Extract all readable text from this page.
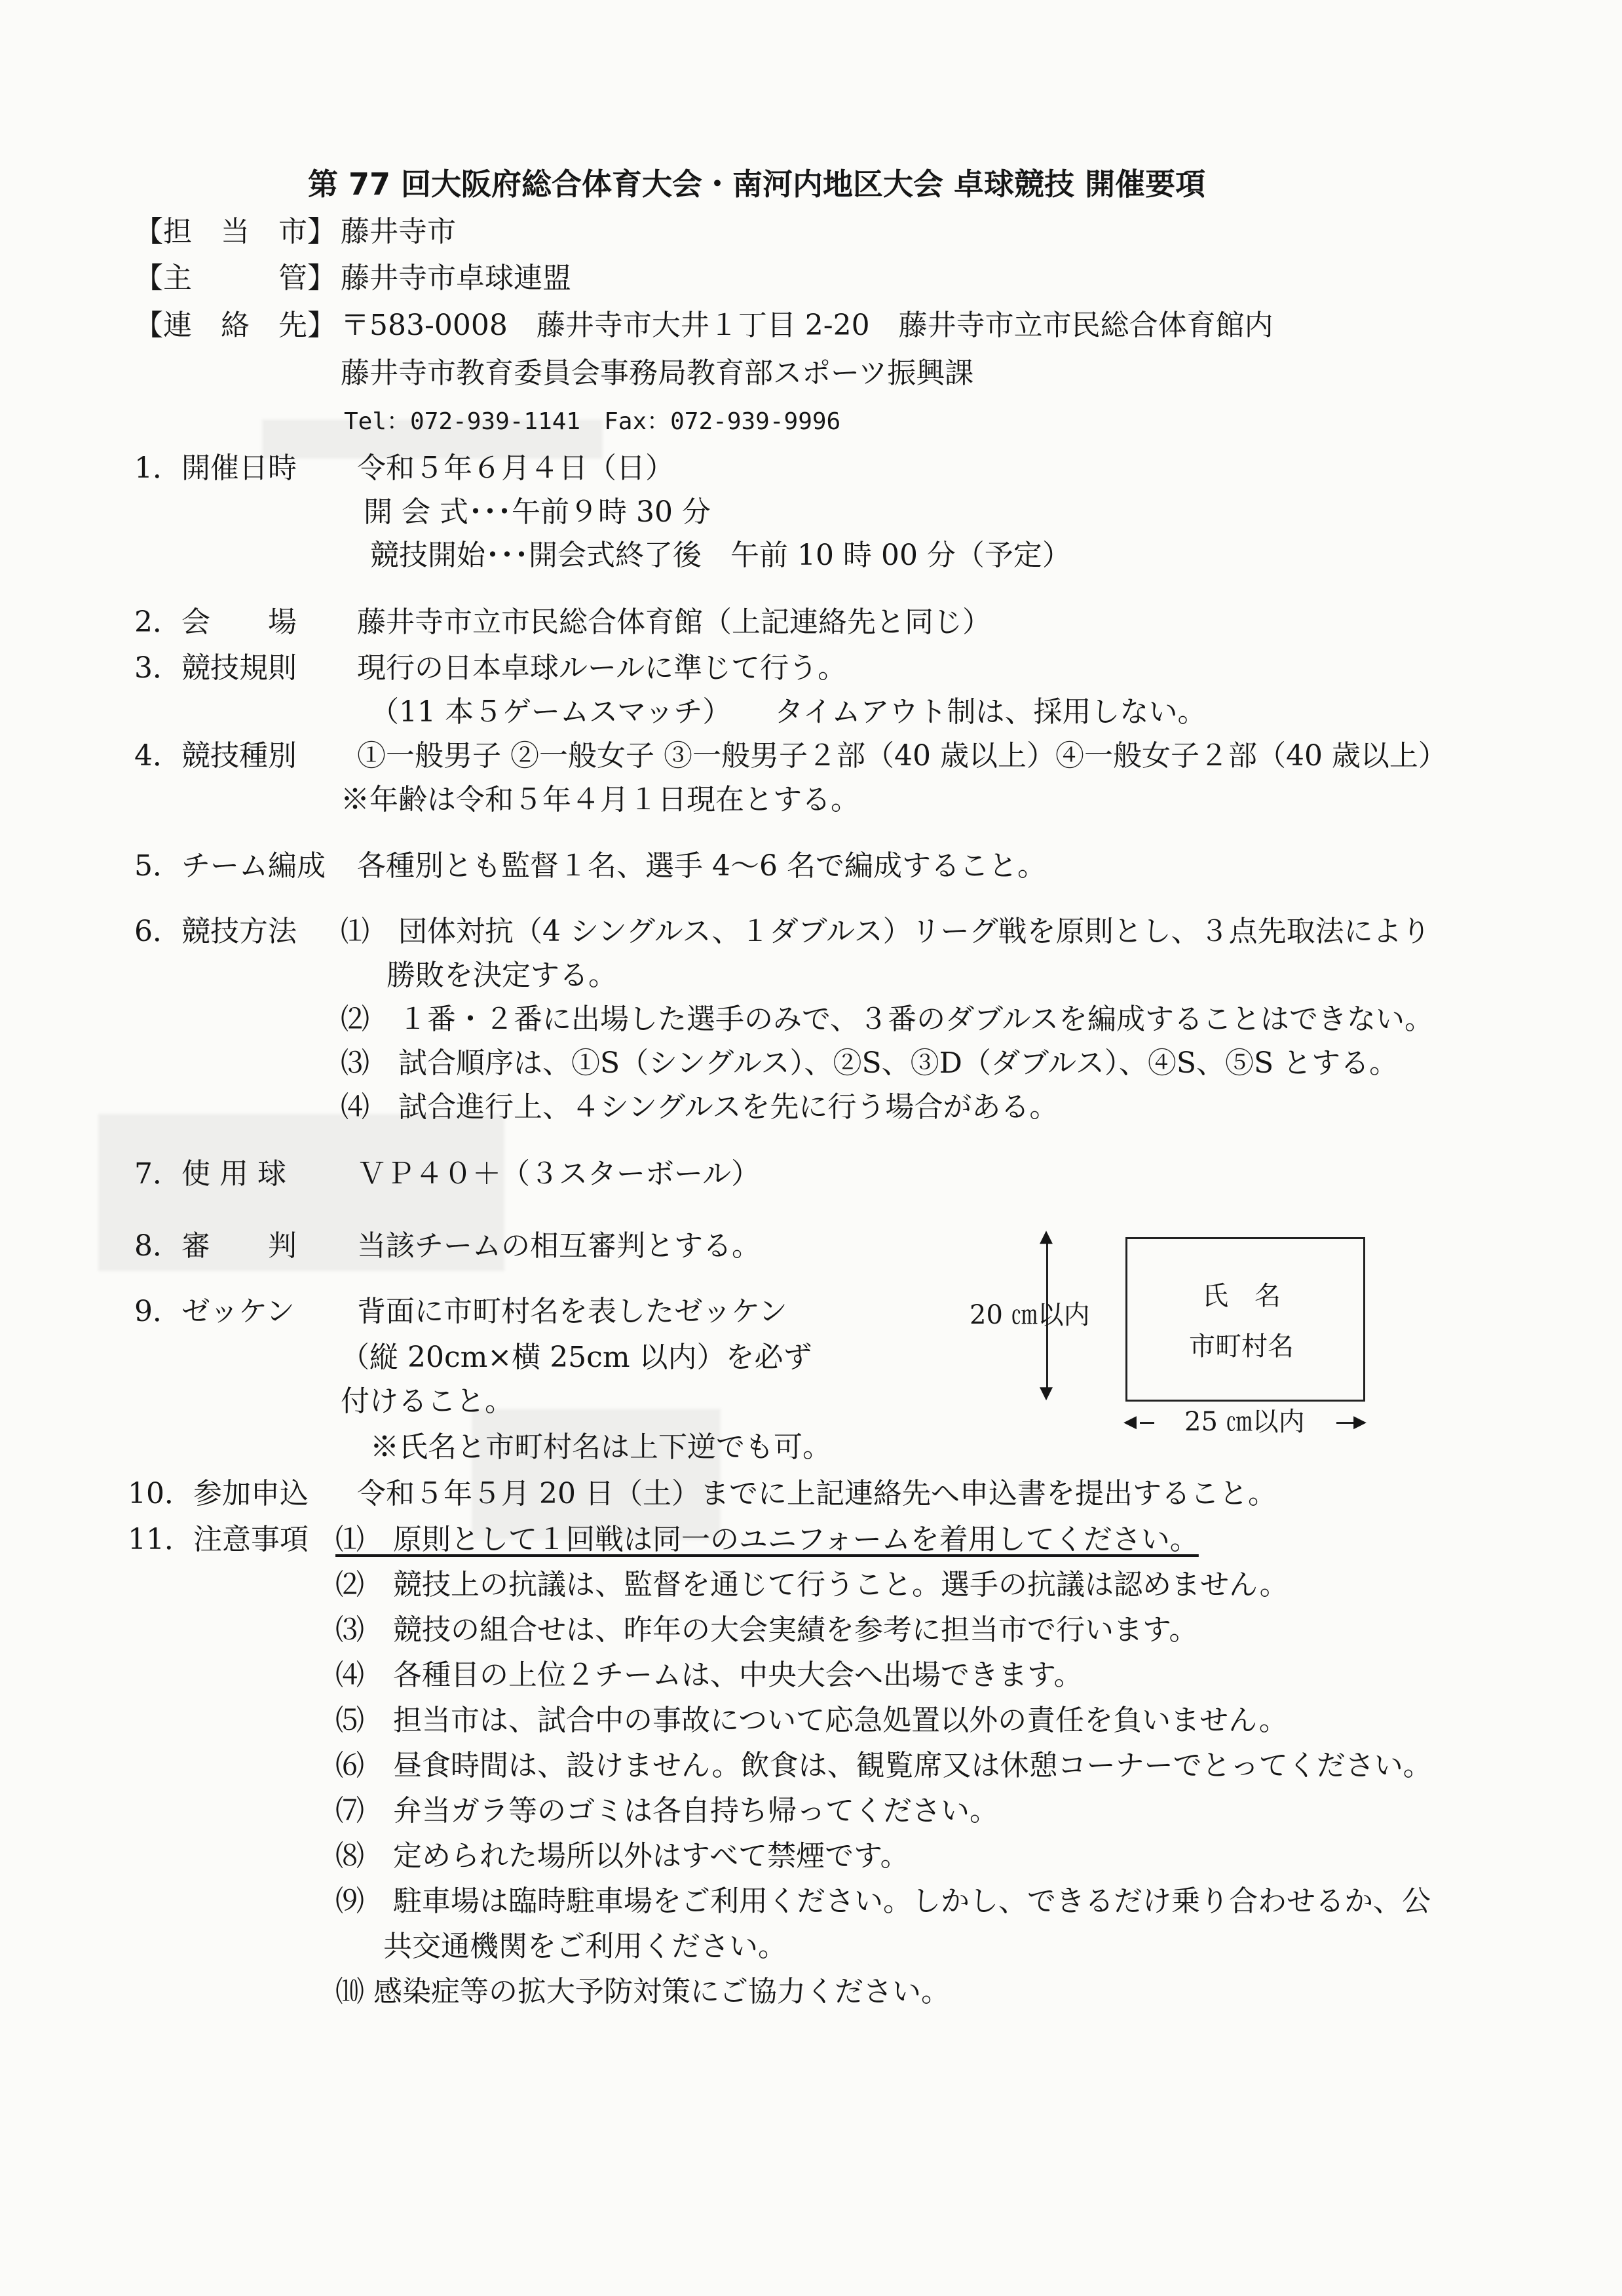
第 77 回大阪府総合体育大会・南河内地区大会 卓球競技 開催要項
【担　当　市】 藤井寺市
【主　　　管】 藤井寺市卓球連盟
【連　絡　先】 〒583-0008　藤井寺市大井１丁目 2-20　藤井寺市立市民総合体育館内
藤井寺市教育委員会事務局教育部スポーツ振興課
Tel：072-939-1141　Fax：072-939-9996
1．開催日時 令和５年６月４日（日）
開 会 式･･･午前９時 30 分
競技開始･･･開会式終了後　午前 10 時 00 分（予定）
2．会　　場 藤井寺市立市民総合体育館（上記連絡先と同じ）
3．競技規則 現行の日本卓球ルールに準じて行う。
（11 本５ゲームスマッチ）　　タイムアウト制は、採用しない。
4．競技種別 ①一般男子 ②一般女子 ③一般男子２部（40 歳以上）④一般女子２部（40 歳以上）
※年齢は令和５年４月１日現在とする。
5．チーム編成 各種別とも監督１名、選手 4～6 名で編成すること。
6．競技方法 ⑴　団体対抗（4 シングルス、１ダブルス）リーグ戦を原則とし、３点先取法により
勝敗を決定する。
⑵　１番・２番に出場した選手のみで、３番のダブルスを編成することはできない。
⑶　試合順序は、①S（シングルス）、②S、③D（ダブルス）、④S、⑤S とする。
⑷　試合進行上、４シングルスを先に行う場合がある。
7．使 用 球 ＶＰ４０＋（３スターボール）
8．審　　判 当該チームの相互審判とする。
9．ゼッケン 背面に市町村名を表したゼッケン
（縦 20cm×横 25cm 以内）を必ず
付けること。
※氏名と市町村名は上下逆でも可。
▲
▼
20 ㎝以内
氏　名
市町村名
◀ 25 ㎝以内	▶
10．参加申込 令和５年５月 20 日（土）までに上記連絡先へ申込書を提出すること。
11．注意事項 ⑴　原則として１回戦は同一のユニフォームを着用してください。
⑵　競技上の抗議は、監督を通じて行うこと。選手の抗議は認めません。
⑶　競技の組合せは、昨年の大会実績を参考に担当市で行います。
⑷　各種目の上位２チームは、中央大会へ出場できます。
⑸　担当市は、試合中の事故について応急処置以外の責任を負いません。
⑹　昼食時間は、設けません。飲食は、観覧席又は休憩コーナーでとってください。
⑺　弁当ガラ等のゴミは各自持ち帰ってください。
⑻　定められた場所以外はすべて禁煙です。
⑼　駐車場は臨時駐車場をご利用ください。しかし、できるだけ乗り合わせるか、公
共交通機関をご利用ください。
⑽ 感染症等の拡大予防対策にご協力ください。
